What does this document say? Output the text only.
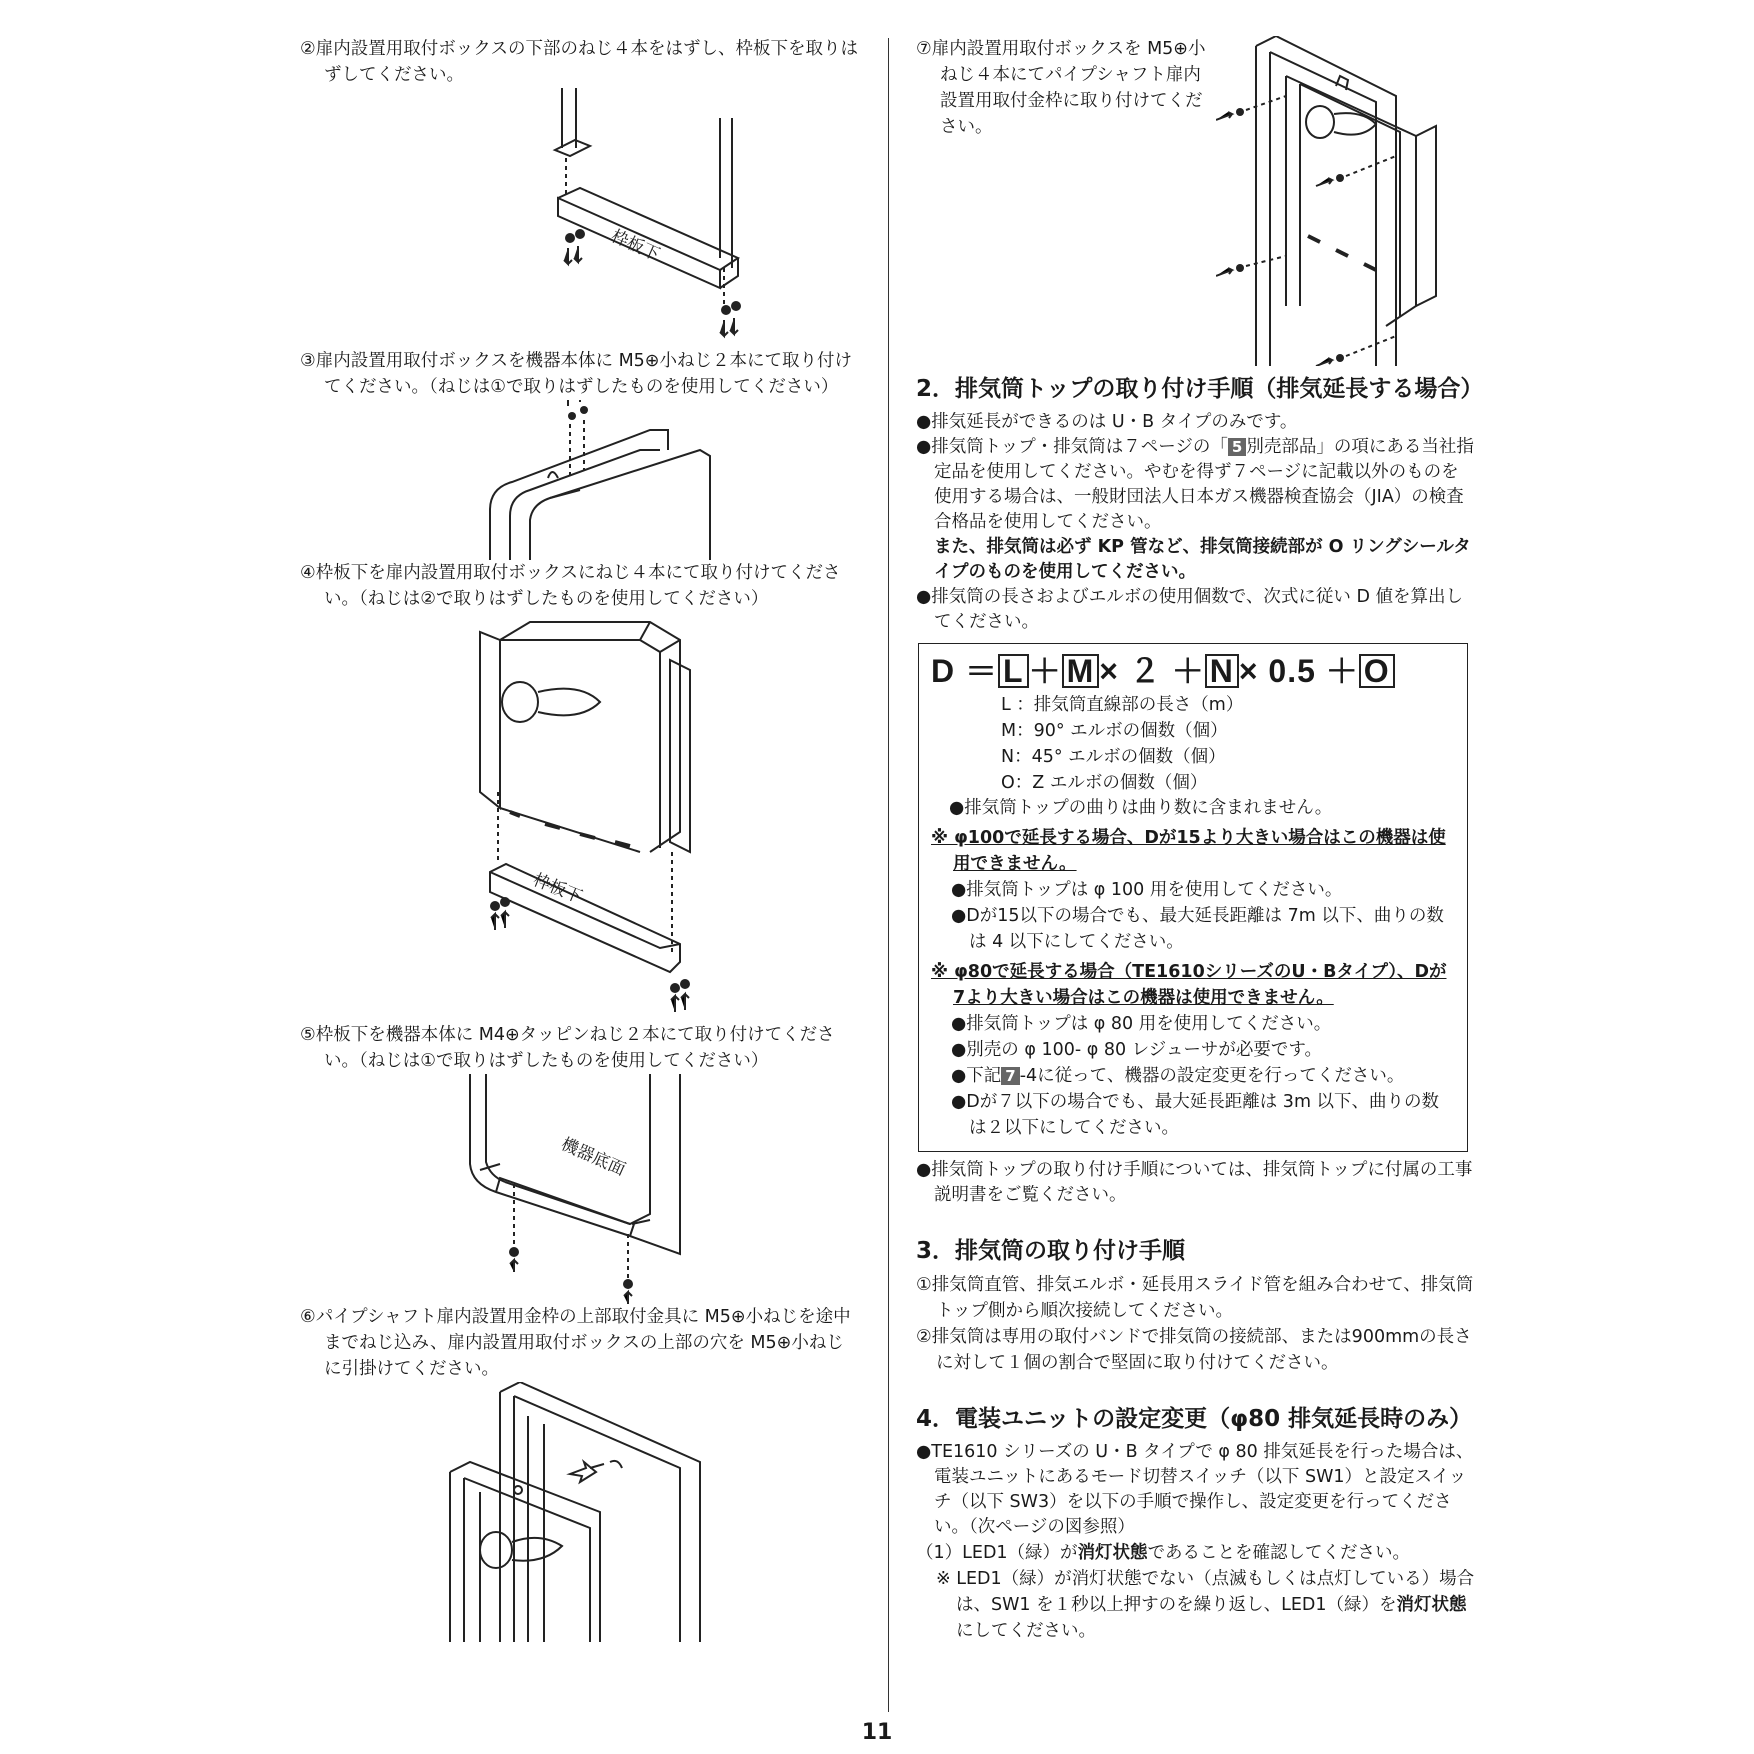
②扉内設置用取付ボックスの下部のねじ４本をはずし、枠板下を取りはずしてください。
枠板下
③扉内設置用取付ボックスを機器本体に M5⊕小ねじ２本にて取り付けてください。（ねじは①で取りはずしたものを使用してください）
④枠板下を扉内設置用取付ボックスにねじ４本にて取り付けてください。（ねじは②で取りはずしたものを使用してください）
枠板下
⑤枠板下を機器本体に M4⊕タッピンねじ２本にて取り付けてください。（ねじは①で取りはずしたものを使用してください）
機器底面
⑥パイプシャフト扉内設置用金枠の上部取付金具に M5⊕小ねじを途中までねじ込み、扉内設置用取付ボックスの上部の穴を M5⊕小ねじに引掛けてください。
⑦扉内設置用取付ボックスを M5⊕小ねじ４本にてパイプシャフト扉内設置用取付金枠に取り付けてください。
2．排気筒トップの取り付け手順（排気延長する場合）
●排気延長ができるのは U・B タイプのみです。
●排気筒トップ・排気筒は７ページの「 5 別売部品」の項にある当社指定品を使用してください。やむを得ず７ページに記載以外のものを使用する場合は、一般財団法人日本ガス機器検査協会（JIA）の検査合格品を使用してください。
また、排気筒は必ず KP 管など、排気筒接続部が O リングシールタイプのものを使用してください。
●排気筒の長さおよびエルボの使用個数で、次式に従い D 値を算出してください。
D ＝ L ＋ M × ２ ＋ N × 0.5 ＋ O
L ：排気筒直線部の長さ（m）
M：90° エルボの個数（個）
N：45° エルボの個数（個）
O：Z エルボの個数（個）
●排気筒トップの曲りは曲り数に含まれません。
※ φ100で延長する場合、Dが15より大きい場合はこの機器は使用できません。
●排気筒トップは φ 100 用を使用してください。
●Dが15以下の場合でも、最大延長距離は 7m 以下、曲りの数は 4 以下にしてください。
※ φ80で延長する場合（TE1610シリーズのU・Bタイプ）、Dが7より大きい場合はこの機器は使用できません。
●排気筒トップは φ 80 用を使用してください。
●別売の φ 100- φ 80 レジューサが必要です。
●下記 7 -4に従って、機器の設定変更を行ってください。
●Dが７以下の場合でも、最大延長距離は 3m 以下、曲りの数は２以下にしてください。
●排気筒トップの取り付け手順については、排気筒トップに付属の工事説明書をご覧ください。
3．排気筒の取り付け手順
①排気筒直管、排気エルボ・延長用スライド管を組み合わせて、排気筒トップ側から順次接続してください。
②排気筒は専用の取付バンドで排気筒の接続部、または900mmの長さに対して１個の割合で堅固に取り付けてください。
4．電装ユニットの設定変更（φ80 排気延長時のみ）
●TE1610 シリーズの U・B タイプで φ 80 排気延長を行った場合は、電装ユニットにあるモード切替スイッチ（以下 SW1）と設定スイッチ（以下 SW3）を以下の手順で操作し、設定変更を行ってください。（次ページの図参照）
（1）LED1（緑）が消灯状態であることを確認してください。
※ LED1（緑）が消灯状態でない（点滅もしくは点灯している）場合は、SW1 を１秒以上押すのを繰り返し、LED1（緑）を消灯状態にしてください。
11
